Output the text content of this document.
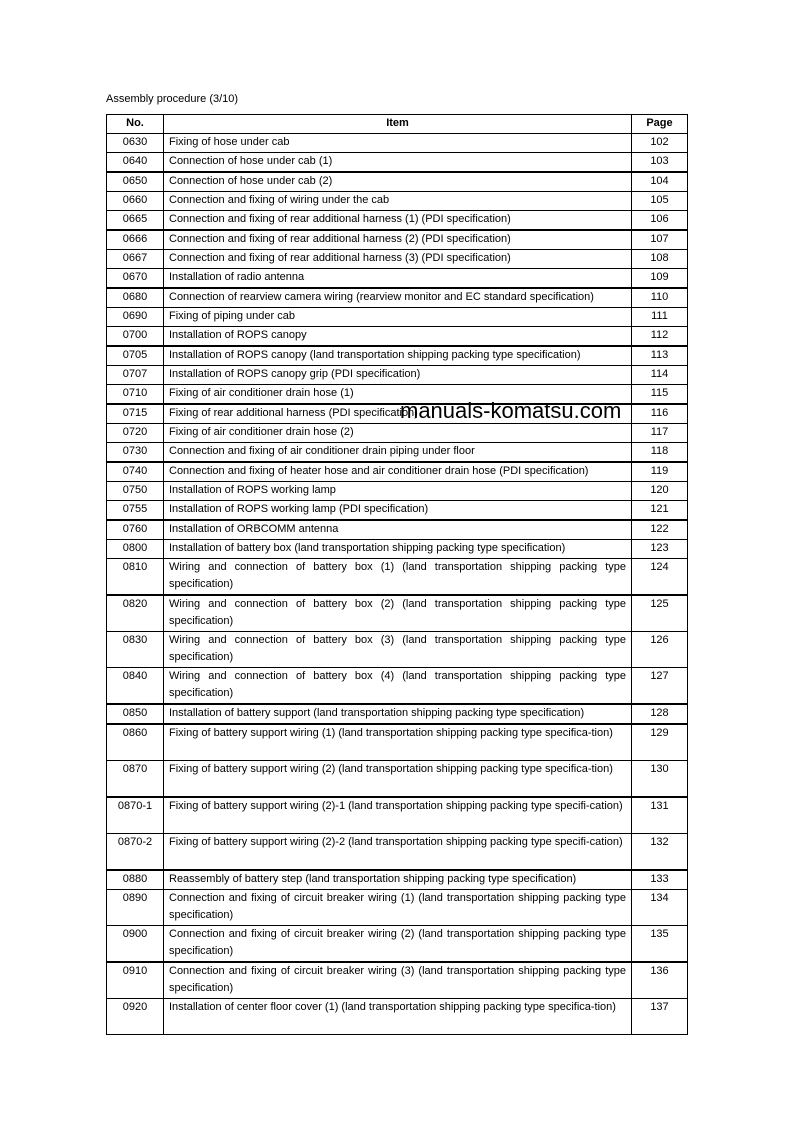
Assembly procedure (3/10)
No.	Item	Page
0630	Fixing of hose under cab	102
0640	Connection of hose under cab (1)	103
0650	Connection of hose under cab (2)	104
0660	Connection and fixing of wiring under the cab	105
0665	Connection and fixing of rear additional harness (1) (PDI specification)	106
0666	Connection and fixing of rear additional harness (2) (PDI specification)	107
0667	Connection and fixing of rear additional harness (3) (PDI specification)	108
0670	Installation of radio antenna	109
0680	Connection of rearview camera wiring (rearview monitor and EC standard specification)	110
0690	Fixing of piping under cab	111
0700	Installation of ROPS canopy	112
0705	Installation of ROPS canopy (land transportation shipping packing type specification)	113
0707	Installation of ROPS canopy grip (PDI specification)	114
0710	Fixing of air conditioner drain hose (1)	115
0715	Fixing of rear additional harness (PDI specification)	116
0720	Fixing of air conditioner drain hose (2)	117
0730	Connection and fixing of air conditioner drain piping under floor	118
0740	Connection and fixing of heater hose and air conditioner drain hose (PDI specification)	119
0750	Installation of ROPS working lamp	120
0755	Installation of ROPS working lamp (PDI specification)	121
0760	Installation of ORBCOMM antenna	122
0800	Installation of battery box (land transportation shipping packing type specification)	123
0810	Wiring and connection of battery box (1) (land transportation shipping packing type specification)	124
0820	Wiring and connection of battery box (2) (land transportation shipping packing type specification)	125
0830	Wiring and connection of battery box (3) (land transportation shipping packing type specification)	126
0840	Wiring and connection of battery box (4) (land transportation shipping packing type specification)	127
0850	Installation of battery support (land transportation shipping packing type specification)	128
0860	Fixing of battery support wiring (1) (land transportation shipping packing type specifica-tion)	129
0870	Fixing of battery support wiring (2) (land transportation shipping packing type specifica-tion)	130
0870-1	Fixing of battery support wiring (2)-1 (land transportation shipping packing type specifi-cation)	131
0870-2	Fixing of battery support wiring (2)-2 (land transportation shipping packing type specifi-cation)	132
0880	Reassembly of battery step (land transportation shipping packing type specification)	133
0890	Connection and fixing of circuit breaker wiring (1) (land transportation shipping packing type specification)	134
0900	Connection and fixing of circuit breaker wiring (2) (land transportation shipping packing type specification)	135
0910	Connection and fixing of circuit breaker wiring (3) (land transportation shipping packing type specification)	136
0920	Installation of center floor cover (1) (land transportation shipping packing type specifica-tion)	137
manuals-komatsu.com
